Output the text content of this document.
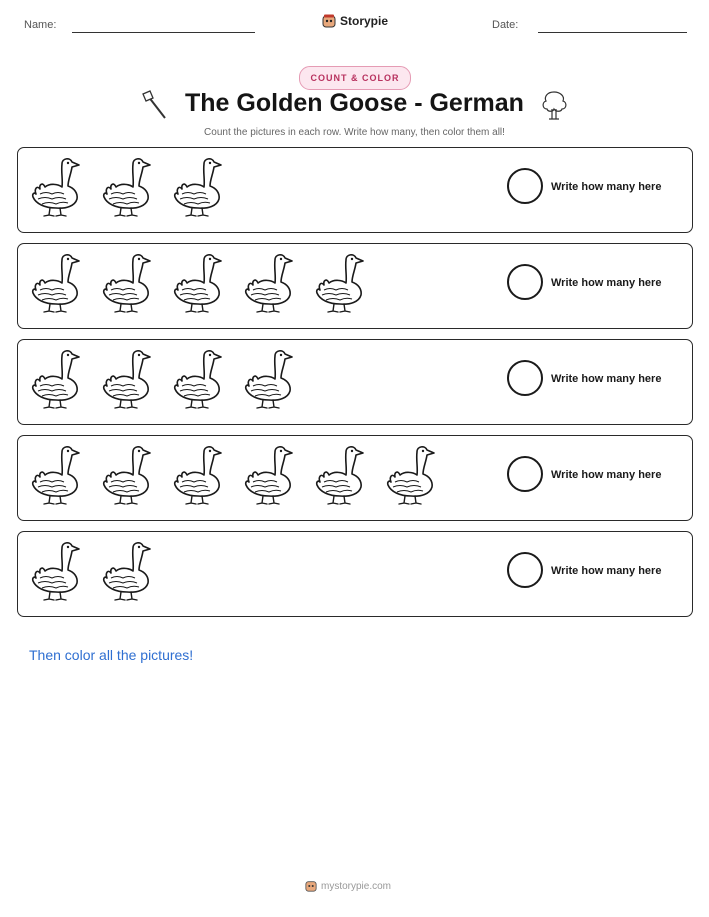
Name:	Storypie	Date:
COUNT & COLOR
The Golden Goose - German
Count the pictures in each row. Write how many, then color them all!
Write how many here
Write how many here
Write how many here
Write how many here
Write how many here
Then color all the pictures!
mystorypie.com
